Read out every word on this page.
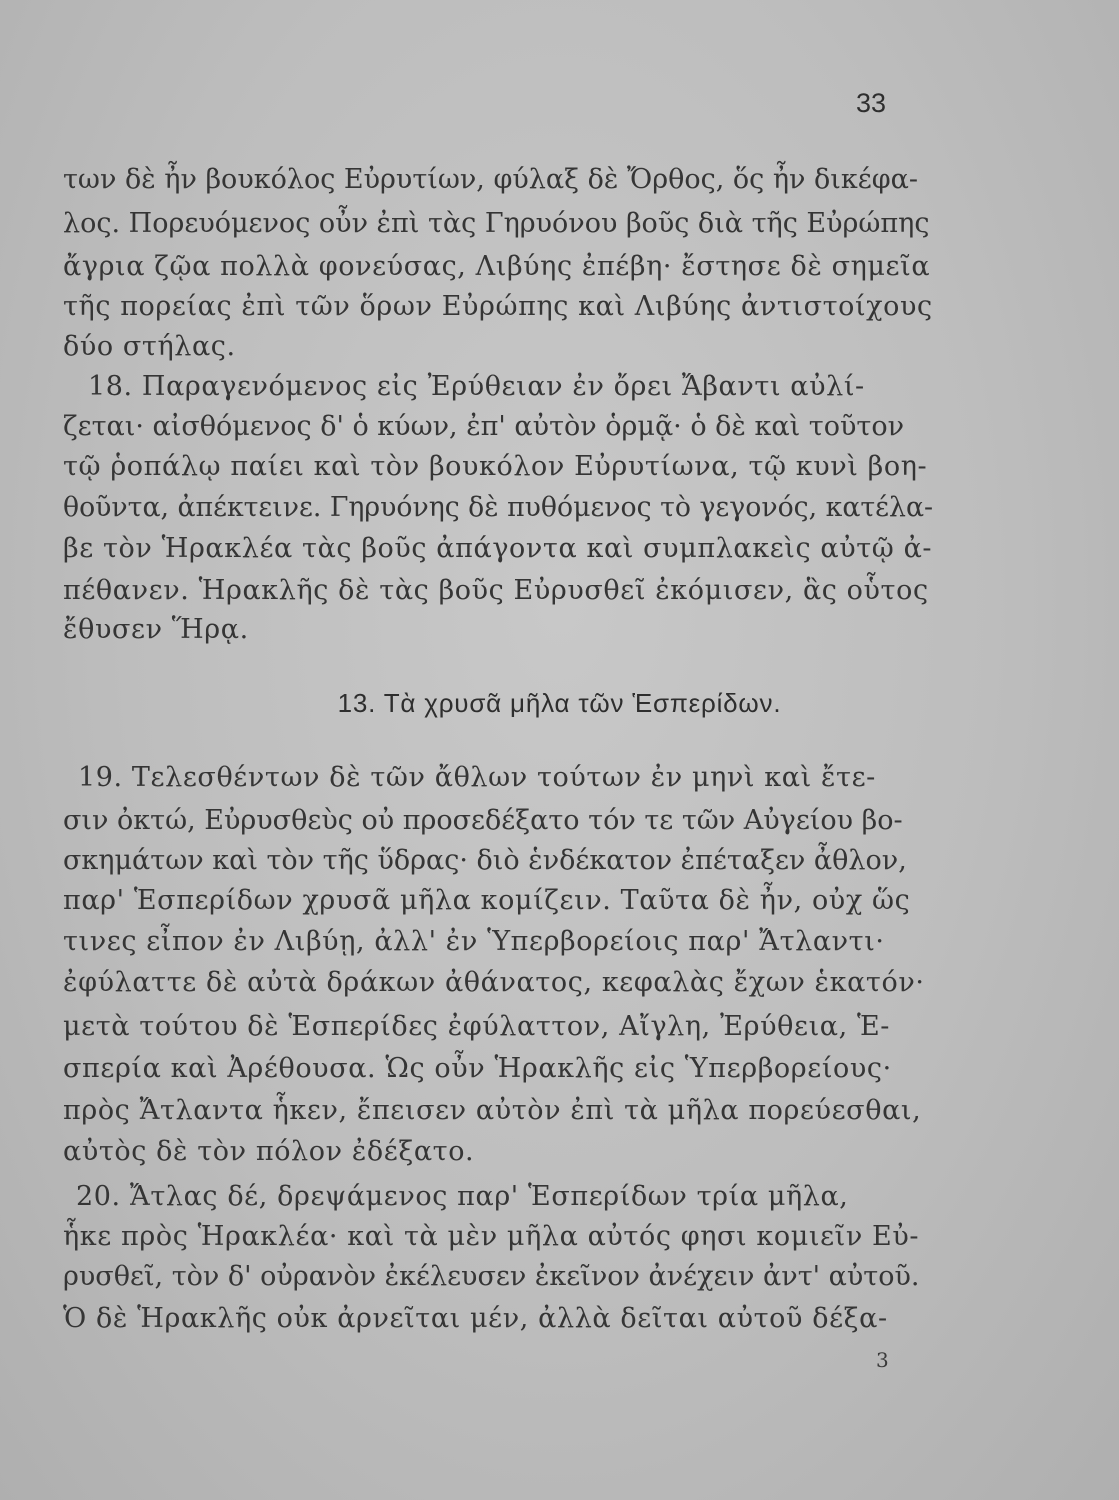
33
των δὲ ἦν βουκόλος Εὐρυτίων, φύλαξ δὲ Ὄρθος, ὅς ἦν δικέφα-
λος. Πορευόμενος οὖν ἐπὶ τὰς Γηρυόνου βοῦς διὰ τῆς Εὐρώπης
ἄγρια ζῷα πολλὰ φονεύσας, Λιβύης ἐπέβη· ἔστησε δὲ σημεῖα
τῆς πορείας ἐπὶ τῶν ὅρων Εὐρώπης καὶ Λιβύης ἀντιστοίχους
δύο στήλας.
18. Παραγενόμενος εἰς Ἐρύθειαν ἐν ὄρει Ἄβαντι αὐλί-
ζεται· αἰσθόμενος δ' ὁ κύων, ἐπ' αὐτὸν ὁρμᾷ· ὁ δὲ καὶ τοῦτον
τῷ ῥοπάλῳ παίει καὶ τὸν βουκόλον Εὐρυτίωνα, τῷ κυνὶ βοη-
θοῦντα, ἀπέκτεινε. Γηρυόνης δὲ πυθόμενος τὸ γεγονός, κατέλα-
βε τὸν Ἡρακλέα τὰς βοῦς ἀπάγοντα καὶ συμπλακεὶς αὐτῷ ἀ-
πέθανεν. Ἡρακλῆς δὲ τὰς βοῦς Εὐρυσθεῖ ἐκόμισεν, ἃς οὗτος
ἔθυσεν Ἥρᾳ.
13. Τὰ χρυσᾶ μῆλα τῶν Ἑσπερίδων.
19. Τελεσθέντων δὲ τῶν ἄθλων τούτων ἐν μηνὶ καὶ ἔτε-
σιν ὀκτώ, Εὐρυσθεὺς οὐ προσεδέξατο τόν τε τῶν Αὐγείου βο-
σκημάτων καὶ τὸν τῆς ὕδρας· διὸ ἑνδέκατον ἐπέταξεν ἆθλον,
παρ' Ἑσπερίδων χρυσᾶ μῆλα κομίζειν. Ταῦτα δὲ ἦν, οὐχ ὥς
τινες εἶπον ἐν Λιβύῃ, ἀλλ' ἐν Ὑπερβορείοις παρ' Ἄτλαντι·
ἐφύλαττε δὲ αὐτὰ δράκων ἀθάνατος, κεφαλὰς ἔχων ἑκατόν·
μετὰ τούτου δὲ Ἑσπερίδες ἐφύλαττον, Αἴγλη, Ἐρύθεια, Ἑ-
σπερία καὶ Ἀρέθουσα. Ὡς οὖν Ἡρακλῆς εἰς Ὑπερβορείους·
πρὸς Ἄτλαντα ἧκεν, ἔπεισεν αὐτὸν ἐπὶ τὰ μῆλα πορεύεσθαι,
αὐτὸς δὲ τὸν πόλον ἐδέξατο.
20. Ἄτλας δέ, δρεψάμενος παρ' Ἑσπερίδων τρία μῆλα,
ἧκε πρὸς Ἡρακλέα· καὶ τὰ μὲν μῆλα αὐτός φησι κομιεῖν Εὐ-
ρυσθεῖ, τὸν δ' οὐρανὸν ἐκέλευσεν ἐκεῖνον ἀνέχειν ἀντ' αὐτοῦ.
Ὁ δὲ Ἡρακλῆς οὐκ ἀρνεῖται μέν, ἀλλὰ δεῖται αὐτοῦ δέξα-
3
